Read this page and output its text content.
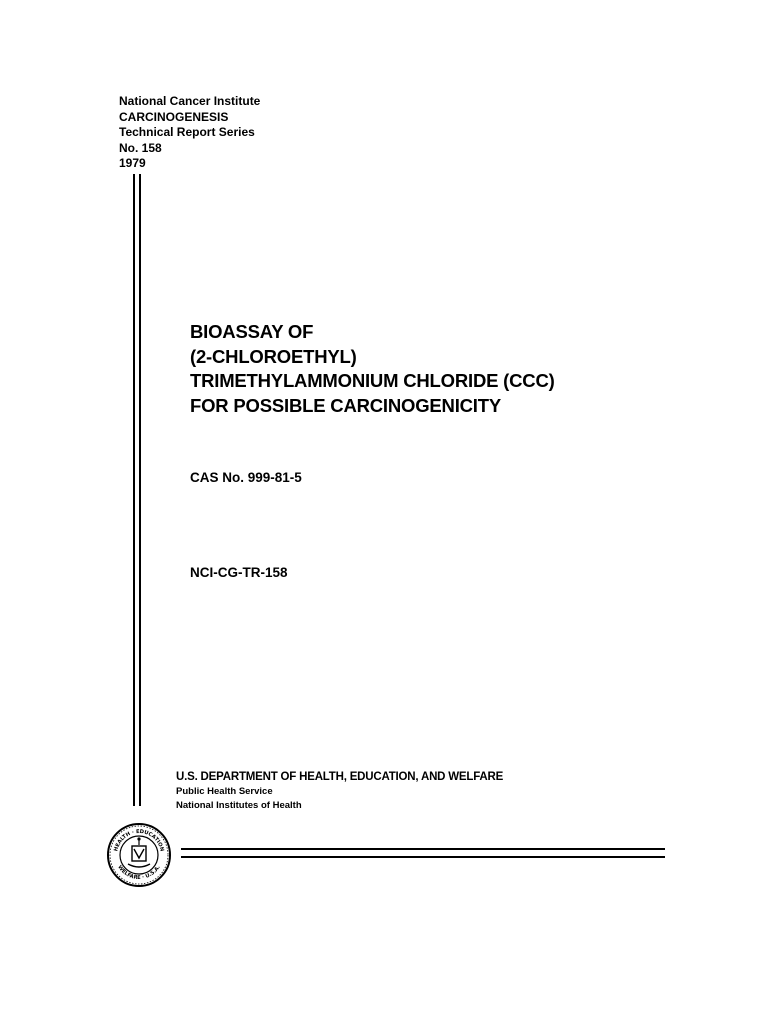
National Cancer Institute
CARCINOGENESIS
Technical Report Series
No. 158
1979
BIOASSAY OF
(2-CHLOROETHYL)
TRIMETHYLAMMONIUM CHLORIDE (CCC)
FOR POSSIBLE CARCINOGENICITY
CAS No. 999-81-5
NCI-CG-TR-158
U.S. DEPARTMENT OF HEALTH, EDUCATION, AND WELFARE
Public Health Service
National Institutes of Health
HEALTH · EDUCATION
WELFARE · U.S.A.
